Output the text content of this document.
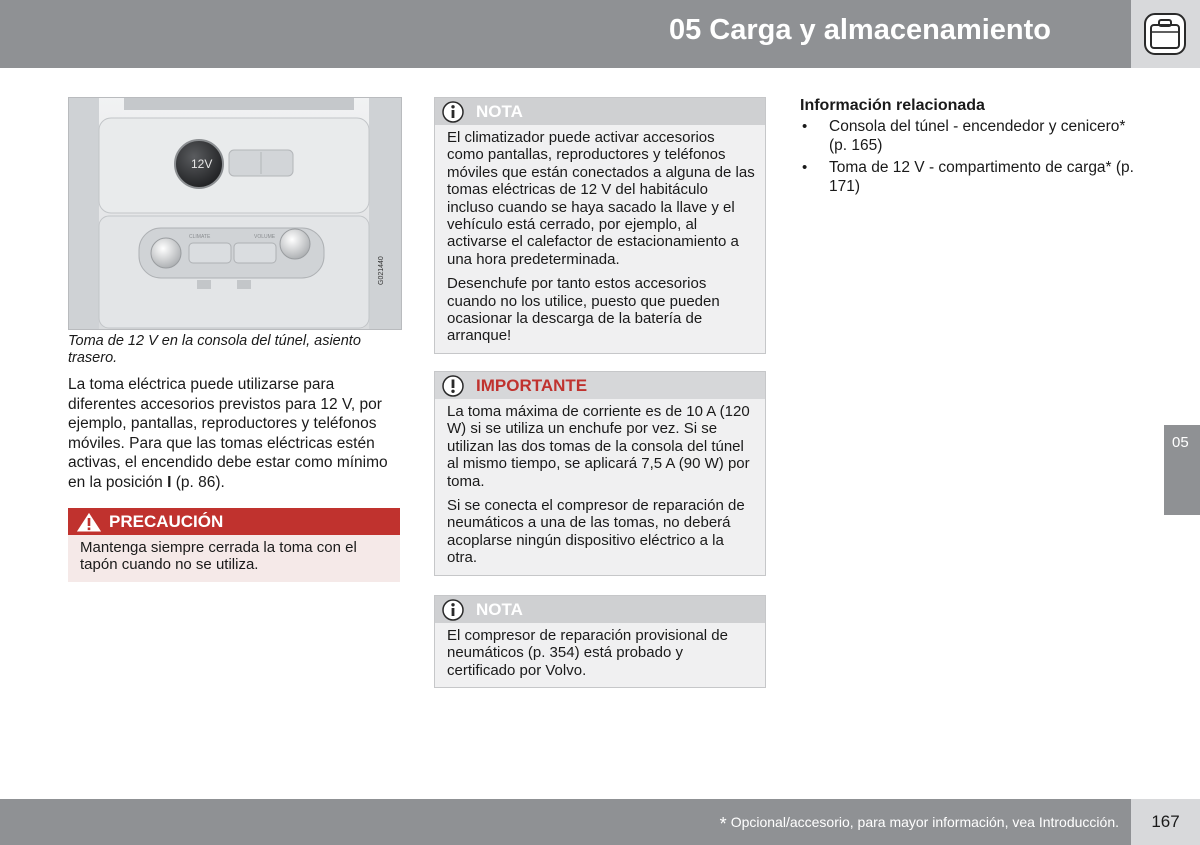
05 Carga y almacenamiento
12V
CLIMATE	VOLUME
G021440
Toma de 12 V en la consola del túnel, asiento trasero.
La toma eléctrica puede utilizarse para diferentes accesorios previstos para 12 V, por ejemplo, pantallas, reproductores y teléfonos móviles. Para que las tomas eléctricas estén activas, el encendido debe estar como mínimo en la posición I (p. 86).
PRECAUCIÓN

Mantenga siempre cerrada la toma con el tapón cuando no se utiliza.

NOTA

El climatizador puede activar accesorios como pantallas, reproductores y teléfonos móviles que están conectados a alguna de las tomas eléctricas de 12 V del habitáculo incluso cuando se haya sacado la llave y el vehículo está cerrado, por ejemplo, al activarse el calefactor de estacionamiento a una hora predeterminada.

Desenchufe por tanto estos accesorios cuando no los utilice, puesto que pueden ocasionar la descarga de la batería de arranque!

IMPORTANTE

La toma máxima de corriente es de 10 A (120 W) si se utiliza un enchufe por vez. Si se utilizan las dos tomas de la consola del túnel al mismo tiempo, se aplicará 7,5 A (90 W) por toma.

Si se conecta el compresor de reparación de neumáticos a una de las tomas, no deberá acoplarse ningún dispositivo eléctrico a la otra.

NOTA

El compresor de reparación provisional de neumáticos (p. 354) está probado y certificado por Volvo.

Información relacionada
• Consola del túnel - encendedor y cenicero* (p. 165)
• Toma de 12 V - compartimento de carga* (p. 171)
05
* Opcional/accesorio, para mayor información, vea Introducción.	167
